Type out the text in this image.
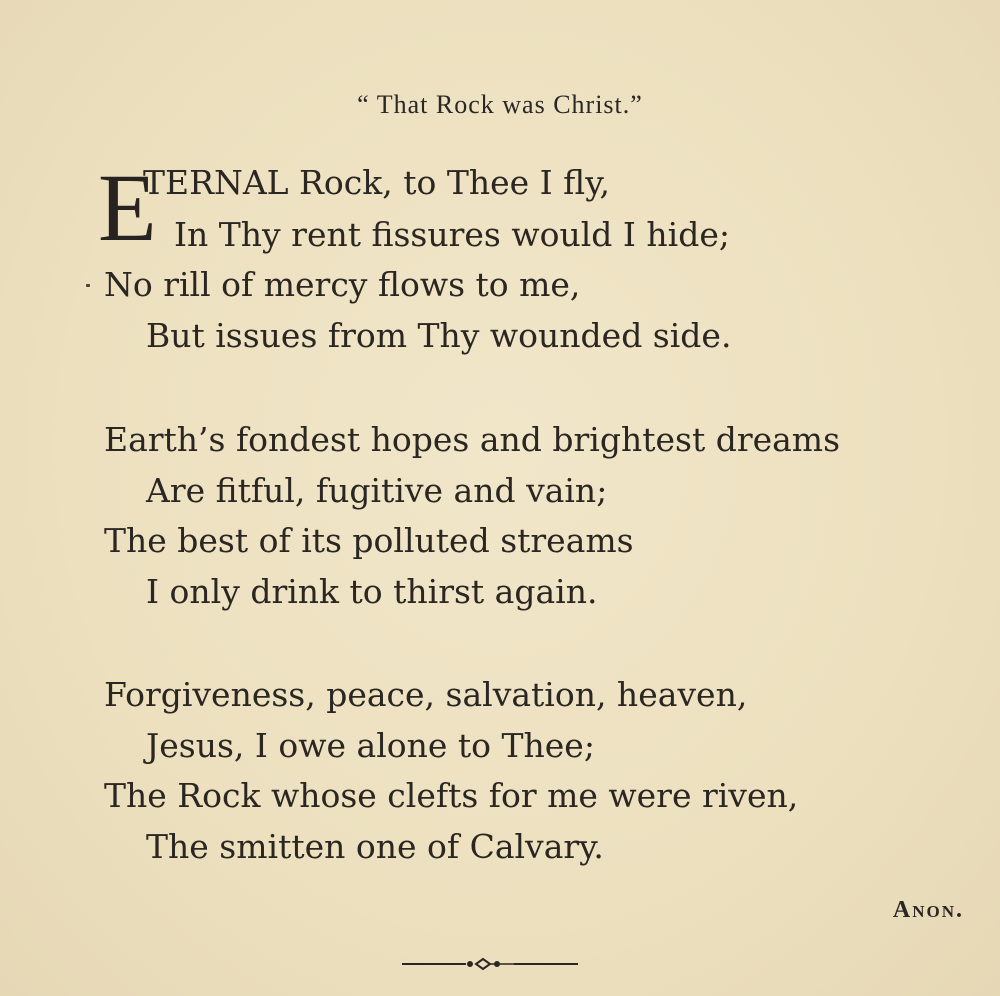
“ That Rock was Christ.”
E
TERNAL Rock, to Thee I fly,
In Thy rent fissures would I hide;
No rill of mercy flows to me,
But issues from Thy wounded side.
Earth’s fondest hopes and brightest dreams
Are fitful, fugitive and vain;
The best of its polluted streams
I only drink to thirst again.
Forgiveness, peace, salvation, heaven,
Jesus, I owe alone to Thee;
The Rock whose clefts for me were riven,
The smitten one of Calvary.
Anon.
